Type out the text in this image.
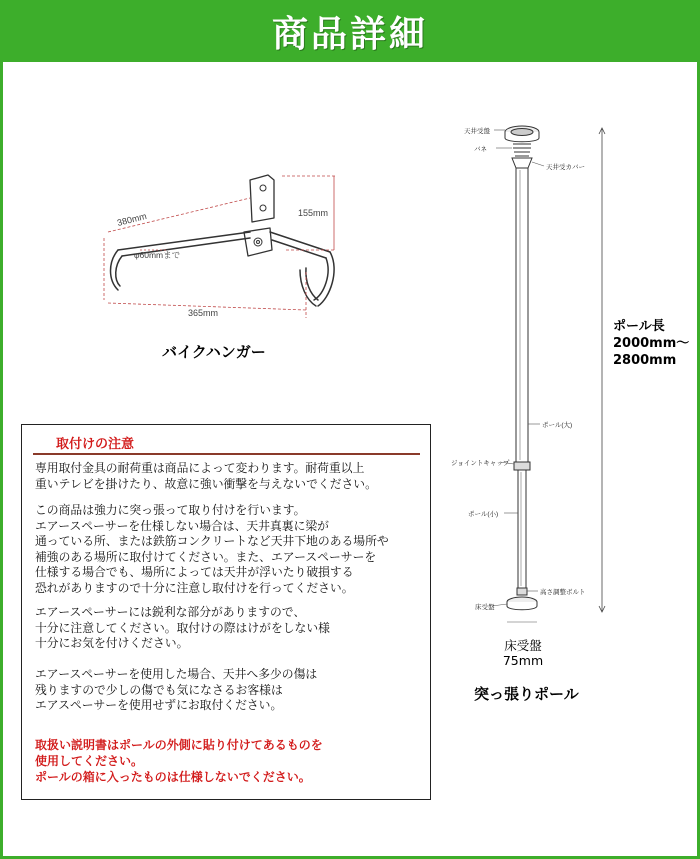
商品詳細
380mm	155mm
φ60mmまで
365mm
バイクハンガー
天井受盤
バネ
天井受カバー
ポール(大)
ジョイントキャップ
ポール(小)
高さ調整ボルト
床受盤
ポール長
2000mm～
2800mm
床受盤
75mm
突っ張りポール
取付けの注意
専用取付金具の耐荷重は商品によって変わります。耐荷重以上
重いテレビを掛けたり、故意に強い衝撃を与えないでください。
この商品は強力に突っ張って取り付けを行います。
エアースペーサーを仕様しない場合は、天井真裏に梁が
通っている所、または鉄筋コンクリートなど天井下地のある場所や
補強のある場所に取付けてください。また、エアースペーサーを
仕様する場合でも、場所によっては天井が浮いたり破損する
恐れがありますので十分に注意し取付けを行ってください。
エアースペーサーには鋭利な部分がありますので、
十分に注意してください。取付けの際はけがをしない様
十分にお気を付けください。
エアースペーサーを使用した場合、天井へ多少の傷は
残りますので少しの傷でも気になさるお客様は
エアスペーサーを使用せずにお取付ください。
取扱い説明書はポールの外側に貼り付けてあるものを
使用してください。
ポールの箱に入ったものは仕様しないでください。
